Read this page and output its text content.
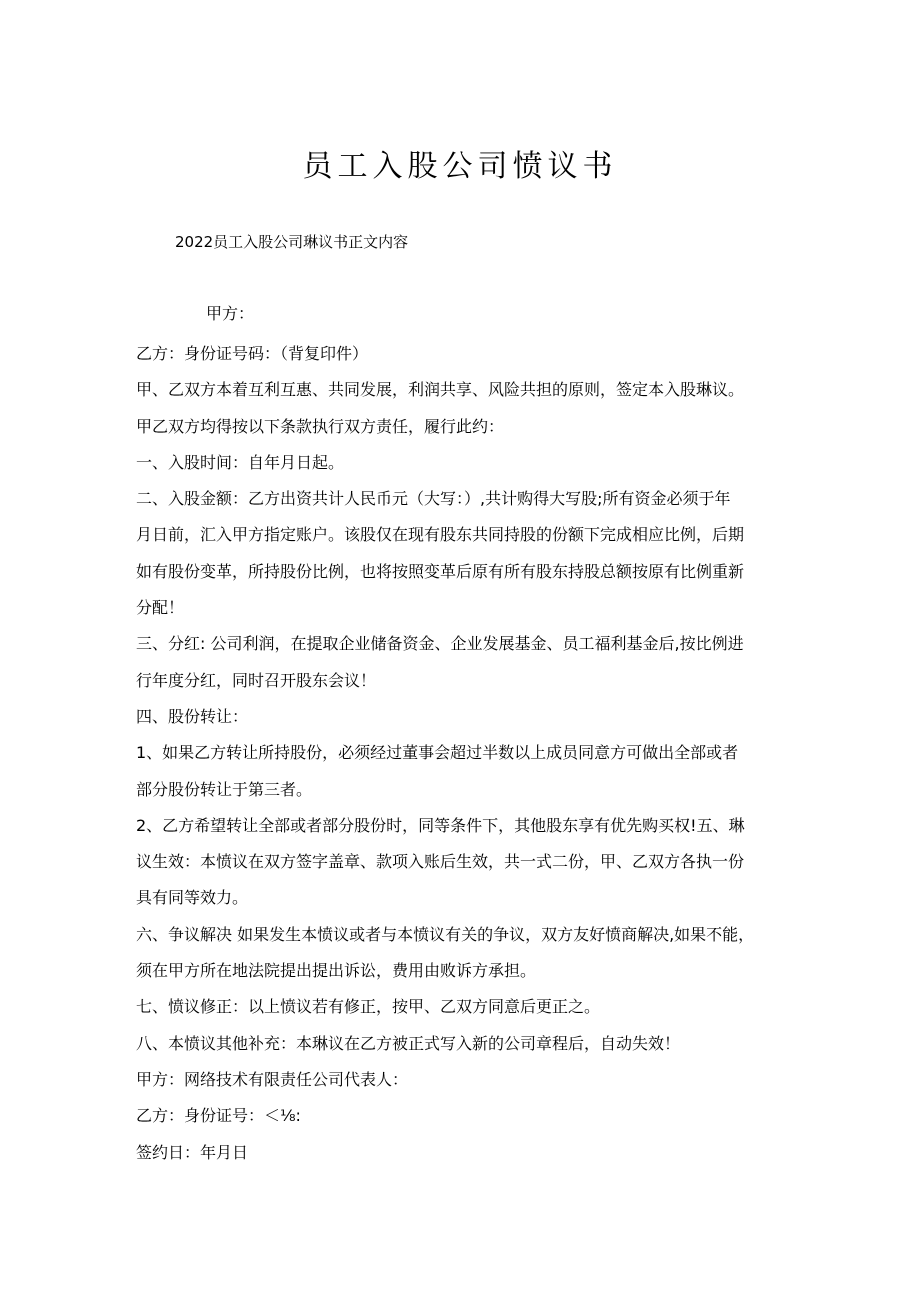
员工入股公司愤议书
2022员工入股公司琳议书正文内容
甲方：
乙方：身份证号码：（背复印件）
甲、乙双方本着互利互惠、共同发展，利润共享、风险共担的原则，签定本入股琳议。
甲乙双方均得按以下条款执行双方责任，履行此约：
一、入股时间：自年月日起。
二、入股金额：乙方出资共计人民币元（大写：）,共计购得大写股;所有资金必须于年
月日前，汇入甲方指定账户。该股仅在现有股东共同持股的份额下完成相应比例，后期
如有股份变革，所持股份比例，也将按照变革后原有所有股东持股总额按原有比例重新
分配！
三、分红: 公司利润，在提取企业储备资金、企业发展基金、员工福利基金后,按比例进
行年度分红，同时召开股东会议！
四、股份转让：
1、如果乙方转让所持股份，必须经过董事会超过半数以上成员同意方可做出全部或者
部分股份转让于第三者。
2、乙方希望转让全部或者部分股份时，同等条件下，其他股东享有优先购买权!五、琳
议生效：本愤议在双方签字盖章、款项入账后生效，共一式二份，甲、乙双方各执一份
具有同等效力。
六、争议解决 如果发生本愤议或者与本愤议有关的争议，双方友好愤商解决,如果不能，
须在甲方所在地法院提出提出诉讼，费用由败诉方承担。
七、愤议修正：以上愤议若有修正，按甲、乙双方同意后更正之。
八、本愤议其他补充：本琳议在乙方被正式写入新的公司章程后，自动失效！
甲方：网络技术有限责任公司代表人：
乙方：身份证号：＜⅛:
签约日：年月日
